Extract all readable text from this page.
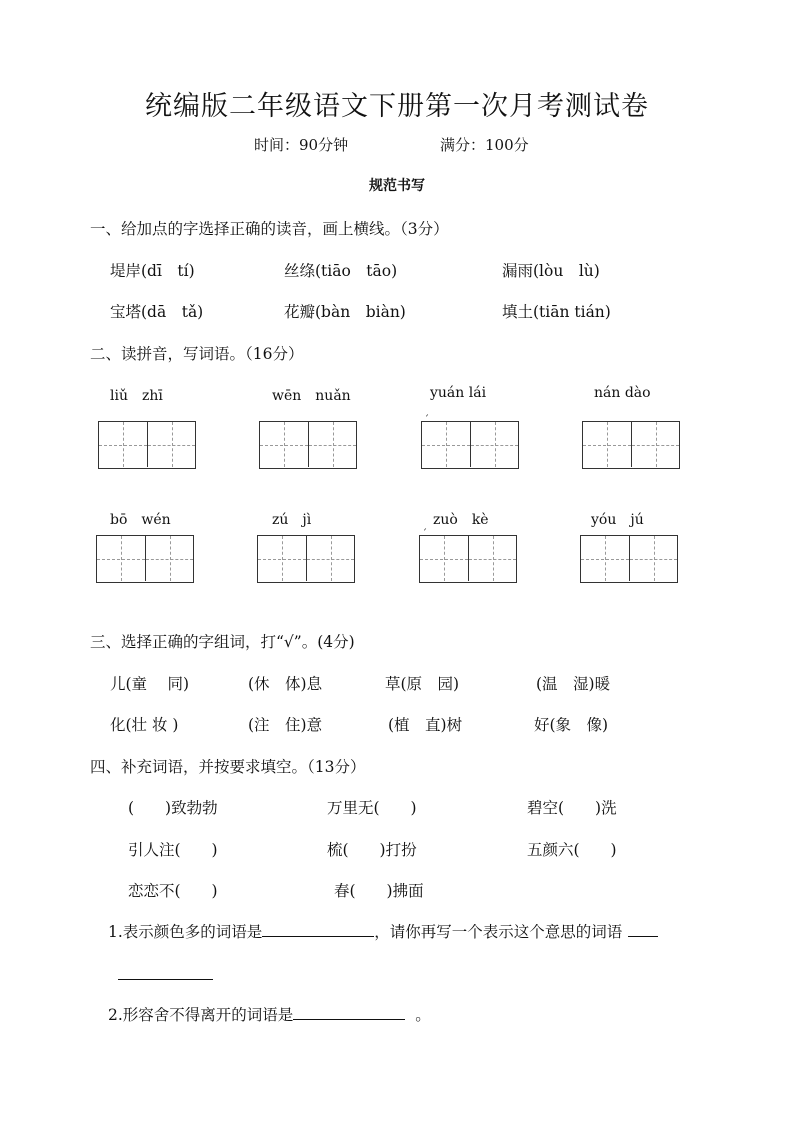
统编版二年级语文下册第一次月考测试卷
时间：90分钟	满分：100分
规范书写
一、给加点的字选择正确的读音，画上横线。（3分）
堤岸(dī　tí)	丝绦(tiāo　tāo)	漏雨(lòu　lù)
宝塔(dā　tǎ)	花瓣(bàn　biàn)	填土(tiān tián)
二、读拼音，写词语。（16分）
liǔ　zhī	wēn　nuǎn	yuán lái	nán dào
´
bō　wén	zú　jì	zuò　kè	yóu　jú
´
三、选择正确的字组词，打“√”。(4分)
儿(童　 同)	(休　体)息	草(原　园)	(温　湿)暖
化(壮 妆 )	(注　住)意	(植　直)树	好(象　像)
四、补充词语，并按要求填空。（13分）
(　　)致勃勃	万里无(　　)	碧空(　　)洗
引人注(　　)	梳(　　)打扮	五颜六(　　)
恋恋不(　　)	春(　　)拂面
1.表示颜色多的词语是	，请你再写一个表示这个意思的词语
2.形容舍不得离开的词语是	。
